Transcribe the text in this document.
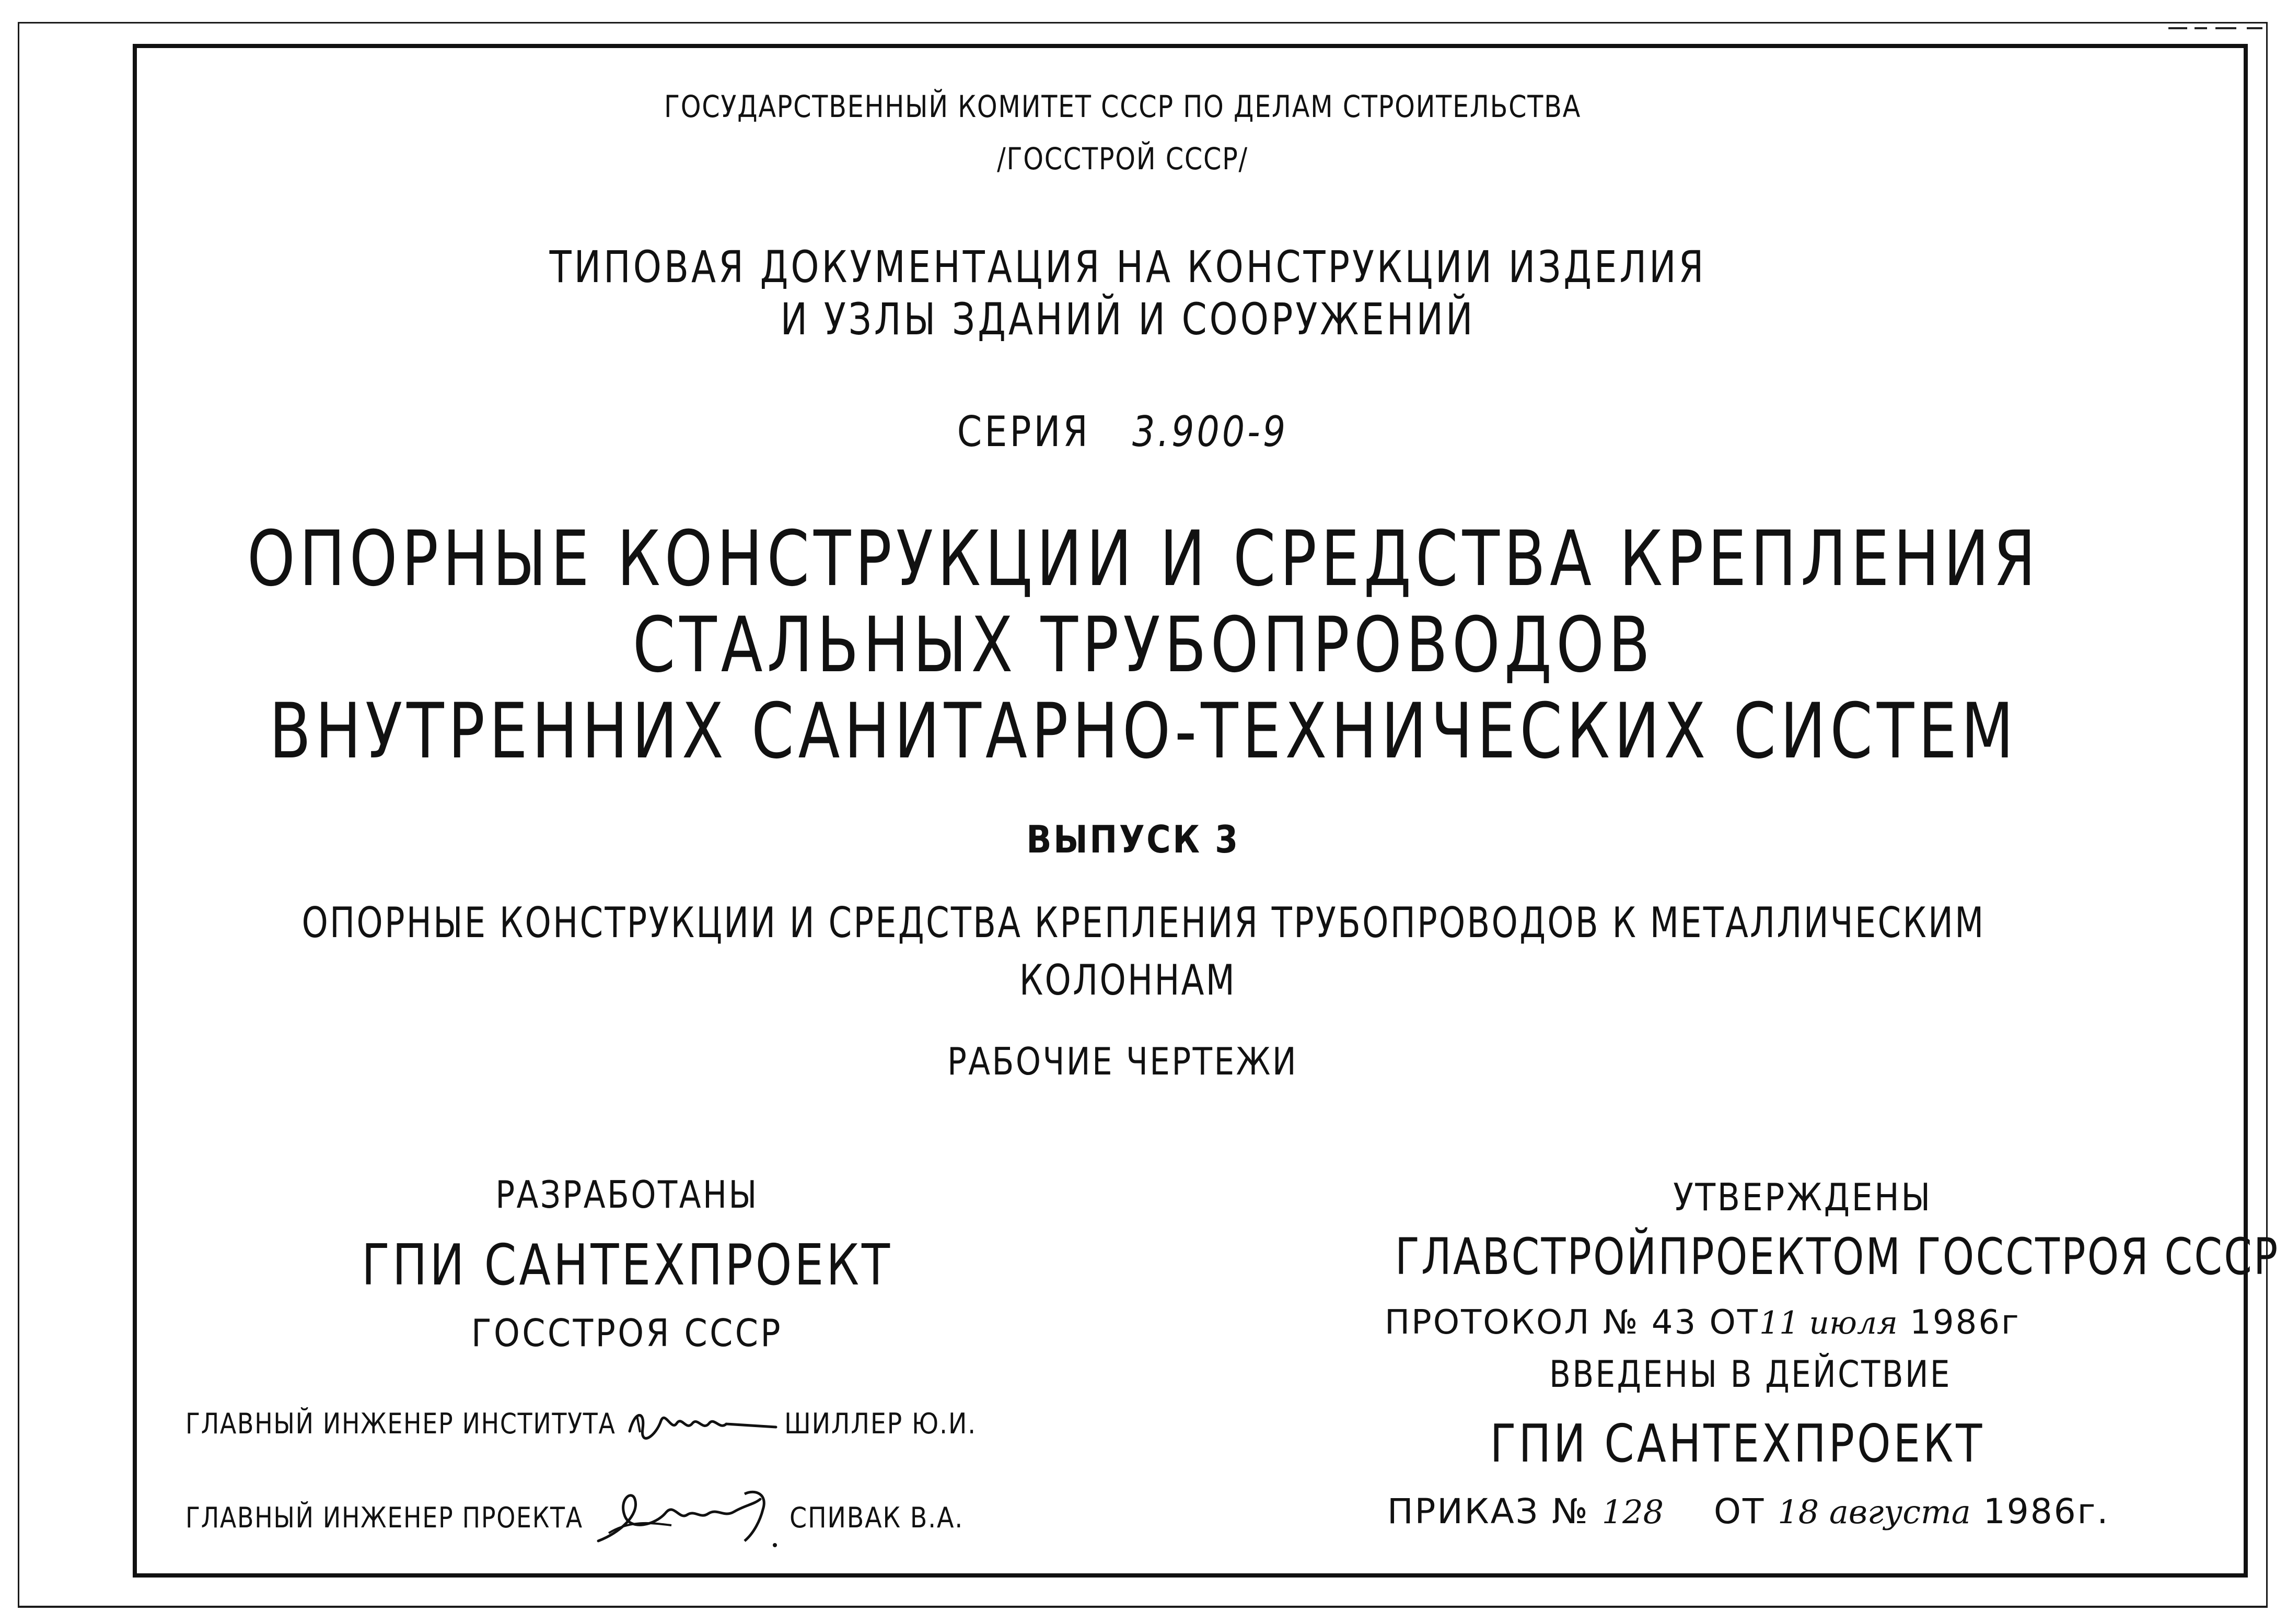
ГОСУДАРСТВЕННЫЙ КОМИТЕТ СССР ПО ДЕЛАМ СТРОИТЕЛЬСТВА
/ГОССТРОЙ СССР/
ТИПОВАЯ ДОКУМЕНТАЦИЯ НА КОНСТРУКЦИИ ИЗДЕЛИЯ
И УЗЛЫ ЗДАНИЙ И СООРУЖЕНИЙ
СЕРИЯ 3.900-9
ОПОРНЫЕ КОНСТРУКЦИИ И СРЕДСТВА КРЕПЛЕНИЯ
СТАЛЬНЫХ ТРУБОПРОВОДОВ
ВНУТРЕННИХ САНИТАРНО-ТЕХНИЧЕСКИХ СИСТЕМ
ВЫПУСК 3
ОПОРНЫЕ КОНСТРУКЦИИ И СРЕДСТВА КРЕПЛЕНИЯ ТРУБОПРОВОДОВ К МЕТАЛЛИЧЕСКИМ
КОЛОННАМ
РАБОЧИЕ ЧЕРТЕЖИ
РАЗРАБОТАНЫ
ГПИ САНТЕХПРОЕКТ
ГОССТРОЯ СССР
ГЛАВНЫЙ ИНЖЕНЕР ИНСТИТУТА	ШИЛЛЕР Ю.И.
ГЛАВНЫЙ ИНЖЕНЕР ПРОЕКТА	СПИВАК В.А.
УТВЕРЖДЕНЫ
ГЛАВСТРОЙПРОЕКТОМ ГОССТРОЯ СССР
ПРОТОКОЛ № 43 ОТ11 июля 1986г
ВВЕДЕНЫ В ДЕЙСТВИЕ
ГПИ САНТЕХПРОЕКТ
ПРИКАЗ № 128 ОТ 18 августа 1986г.
